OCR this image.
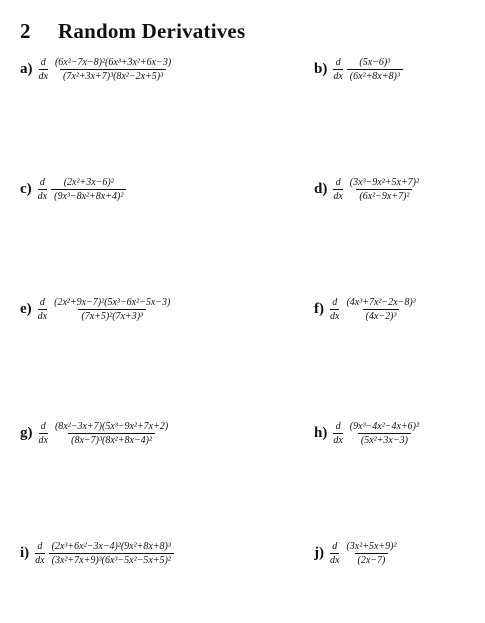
2 Random Derivatives
$a) \frac{d}{dx} \frac{\text{(6x²−7x−8)²(6x³+3x²+6x−3)}}{\text{(7x²+3x+7)³(8x²−2x+5)³}}$	$b) \frac{d}{dx} \frac{\text{(5x−6)³}}{\text{(6x²+8x+8)³}}$
$c) \frac{d}{dx} \frac{\text{(2x²+3x−6)²}}{\text{(9x³−8x²+8x+4)²}}$	$d) \frac{d}{dx} \frac{\text{(3x³−9x²+5x+7)²}}{\text{(6x²−9x+7)²}}$
$e) \frac{d}{dx} \frac{\text{(2x²+9x−7)²(5x³−6x²−5x−3)}}{\text{(7x+5)²(7x+3)³}}$	$f) \frac{d}{dx} \frac{\text{(4x³+7x²−2x−8)³}}{\text{(4x−2)³}}$
$g) \frac{d}{dx} \frac{\text{(8x²−3x+7)(5x³−9x²+7x+2)}}{\text{(8x−7)³(8x²+8x−4)²}}$	$h) \frac{d}{dx} \frac{\text{(9x³−4x²−4x+6)²}}{\text{(5x²+3x−3)}}$
$i) \frac{d}{dx} \frac{\text{(2x³+6x²−3x−4)²(9x²+8x+8)³}}{\text{(3x²+7x+9)³(6x³−5x²−5x+5)²}}$	$j) \frac{d}{dx} \frac{\text{(3x²+5x+9)²}}{(2x-7)}$
